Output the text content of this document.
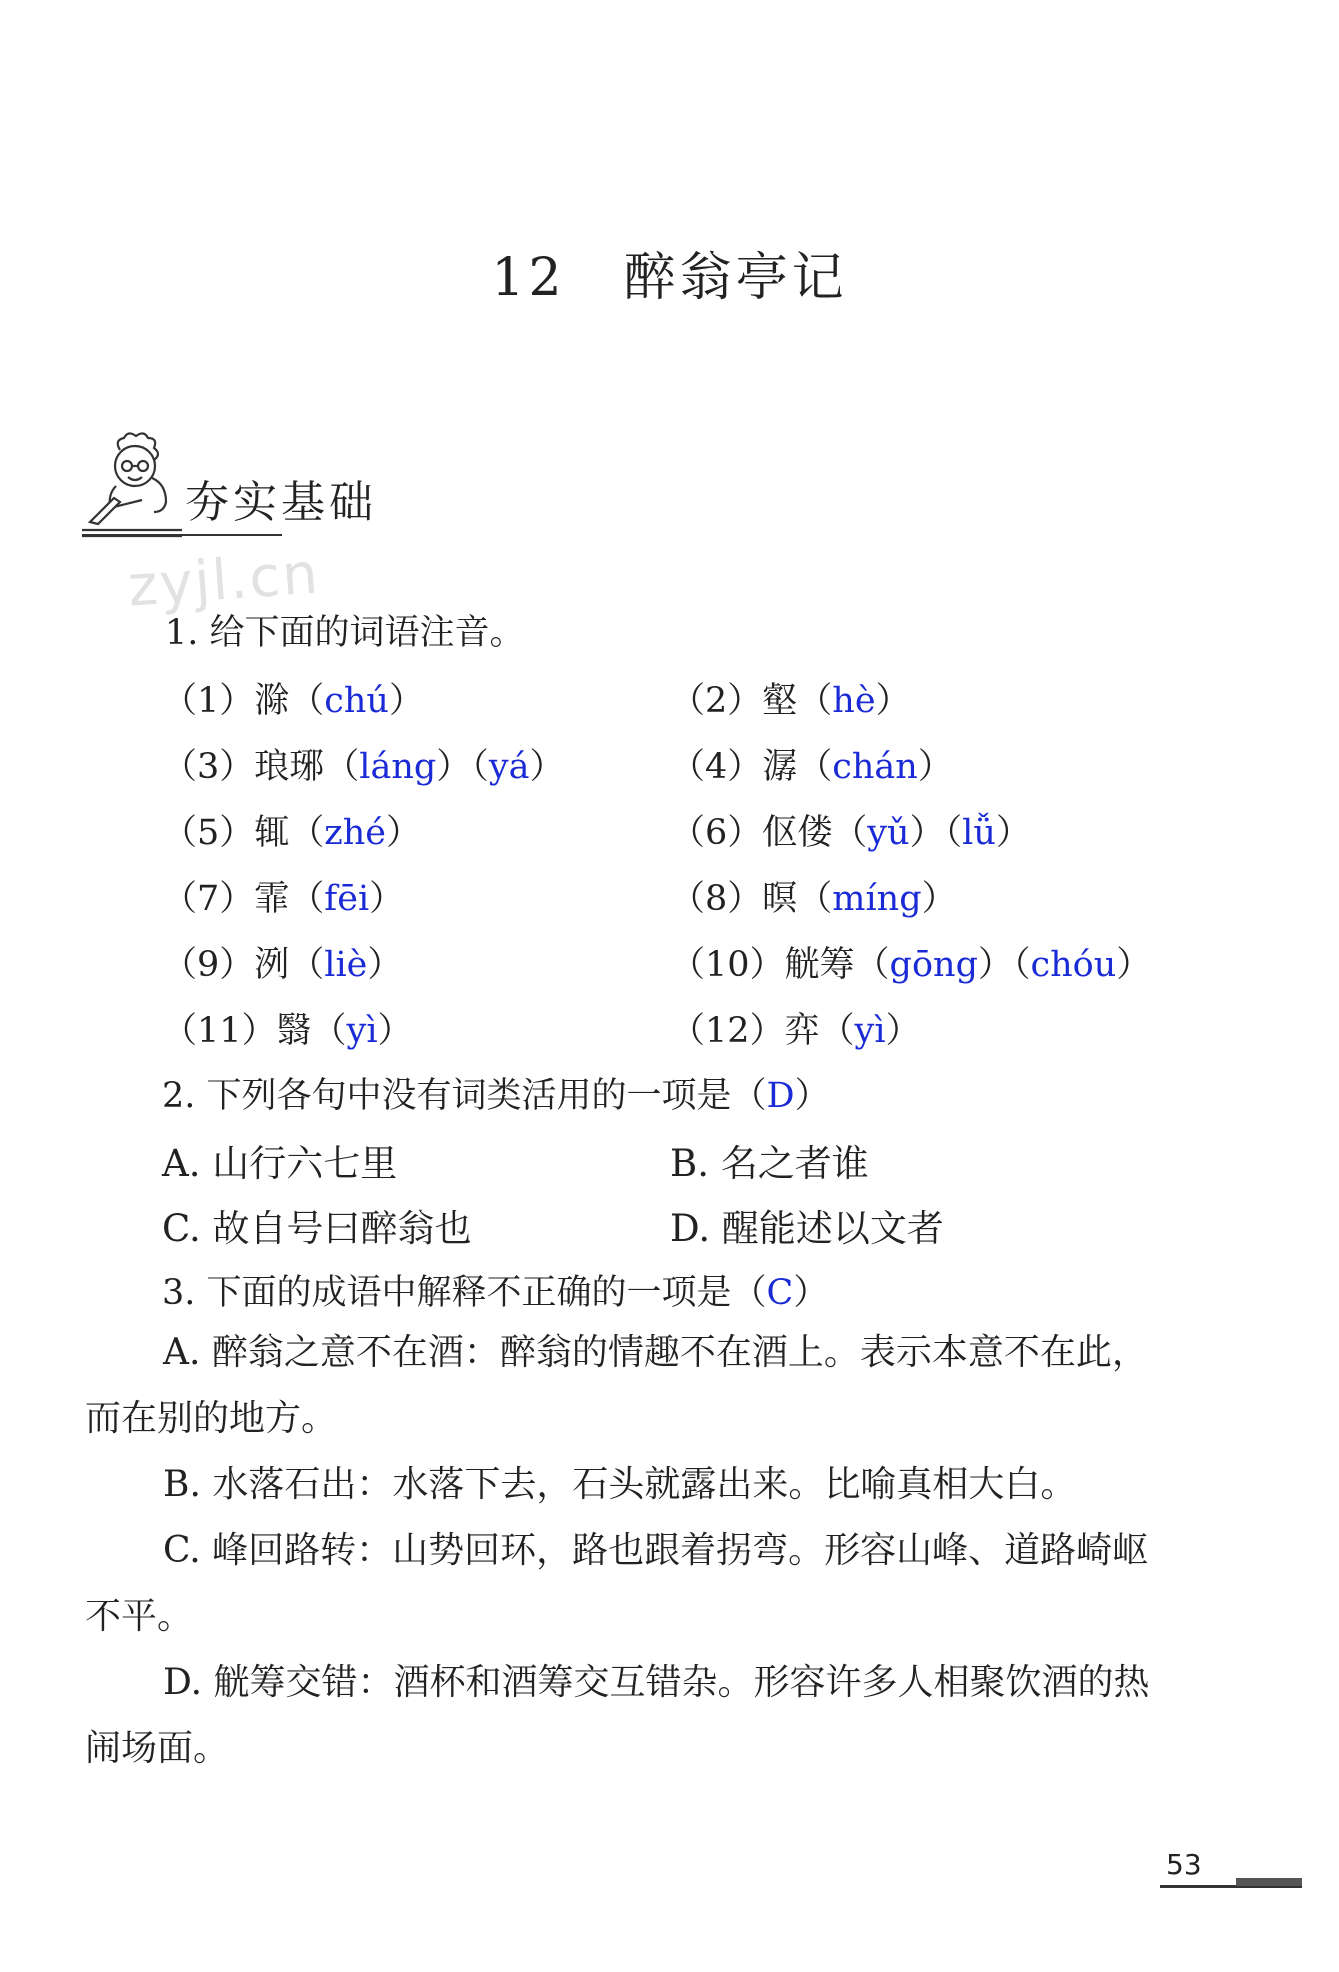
12 醉翁亭记
夯实基础
zyjl.cn
1. 给下面的词语注音。
（1）滁（chú）	（2）壑（hè）
（3）琅琊（láng）（yá）	（4）潺（chán）
（5）辄（zhé）	（6）伛偻（yǔ）（lǚ）
（7）霏（fēi）	（8）暝（míng）
（9）洌（liè）	（10）觥筹（gōng）（chóu）
（11）翳（yì）	（12）弈（yì）
2. 下列各句中没有词类活用的一项是（D）
A. 山行六七里	B. 名之者谁
C. 故自号曰醉翁也	D. 醒能述以文者
3. 下面的成语中解释不正确的一项是（C）
A. 醉翁之意不在酒：醉翁的情趣不在酒上。表示本意不在此，而在别的地方。
B. 水落石出：水落下去，石头就露出来。比喻真相大白。
C. 峰回路转：山势回环，路也跟着拐弯。形容山峰、道路崎岖不平。
D. 觥筹交错：酒杯和酒筹交互错杂。形容许多人相聚饮酒的热闹场面。
53
